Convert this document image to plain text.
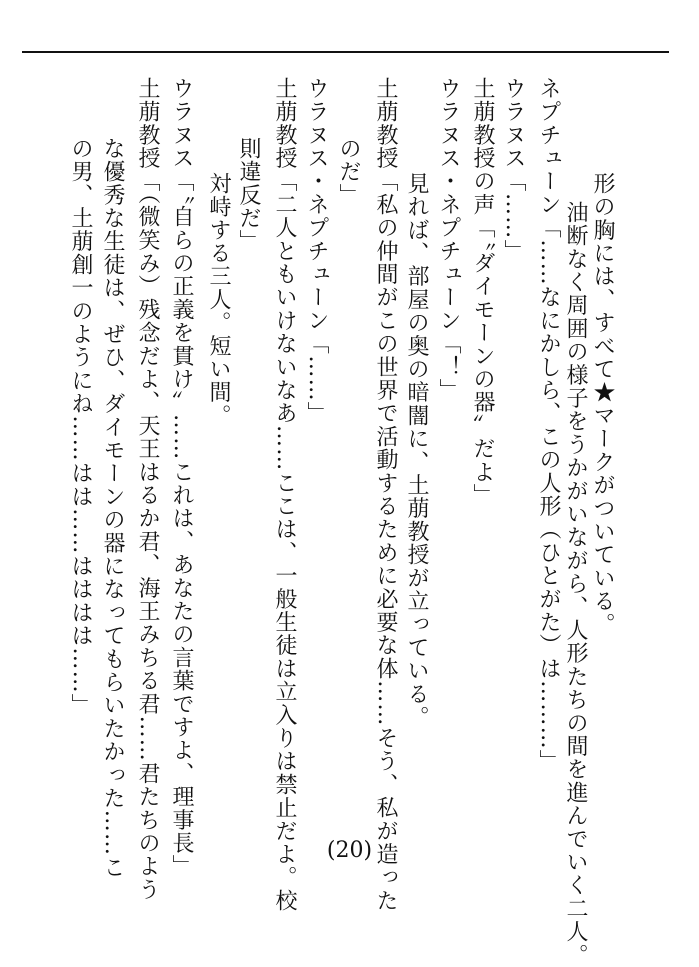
形の胸には、すべて★マークがついている。
油断なく周囲の様子をうかがいながら、人形たちの間を進んでいく二人。
ネプチューン「……なにかしら、この人形（ひとがた）は………」
ウラヌス「……」
土萠教授の声「〝ダイモーンの器〟だよ」
ウラヌス・ネプチューン「！」
見れば、部屋の奥の暗闇に、土萠教授が立っている。
土萠教授「私の仲間がこの世界で活動するために必要な体……そう、私が造った
のだ」
ウラヌス・ネプチューン「……」
土萠教授「二人ともいけないなあ……ここは、一般生徒は立入りは禁止だよ。校
則違反だ」
対峙する三人。短い間。
ウラヌス「〝自らの正義を貫け〟……これは、あなたの言葉ですよ、理事長」
土萠教授「（微笑み）残念だよ、天王はるか君、海王みちる君……君たちのよう
な優秀な生徒は、ぜひ、ダイモーンの器になってもらいたかった……こ
の男、土萠創一のようにね……はは……はははは……」
(20)
